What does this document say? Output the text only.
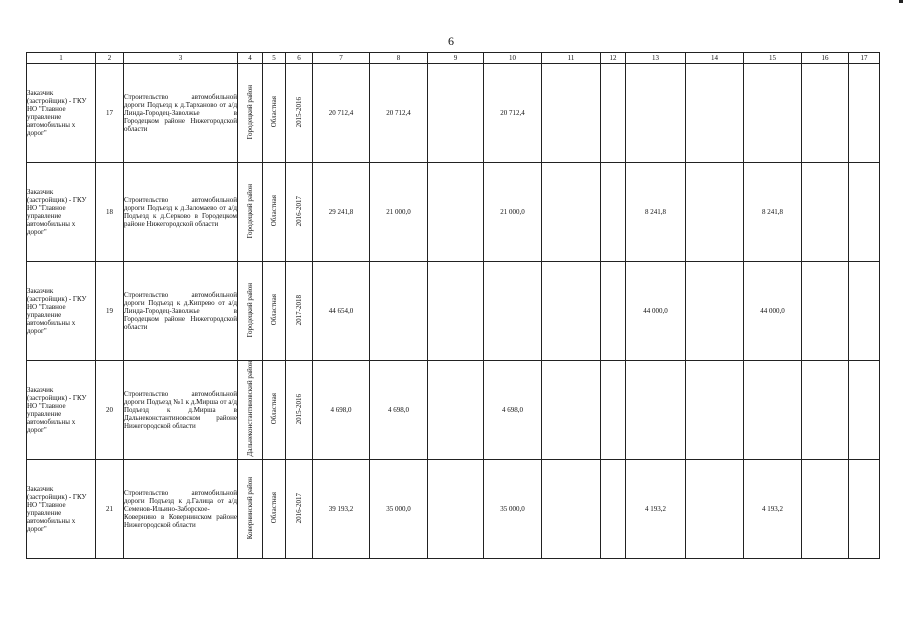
6
1	2	3	4	5	6	7	8	9	10	11	12	13	14	15	16	17
Заказчик (застройщик) - ГКУ НО "Главное управление автомобильны х дорог"	17	Строительство автомобильной дороги Подъезд к д.Тарханово от а/д Линда-Городец-Заволжье в Городецком районе Нижегородской области	Городецкий район	Областная	2015-2016	20 712,4	20 712,4		20 712,4							
Заказчик (застройщик) - ГКУ НО "Главное управление автомобильны х дорог"	18	Строительство автомобильной дороги Подъезд к д.Заломаево от а/д Подъезд к д.Серково в Городецком районе Нижегородской области	Городецкий район	Областная	2016-2017	29 241,8	21 000,0		21 000,0			8 241,8		8 241,8		
Заказчик (застройщик) - ГКУ НО "Главное управление автомобильны х дорог"	19	Строительство автомобильной дороги Подъезд к д.Кипрево от а/д Линда-Городец-Заволжье в Городецком районе Нижегородской области	Городецкий район	Областная	2017-2018	44 654,0						44 000,0		44 000,0		
Заказчик (застройщик) - ГКУ НО "Главное управление автомобильны х дорог"	20	Строительство автомобильной дороги Подъезд №1 к д.Мирша от а/д Подъезд к д.Мирша в Дальнеконстантиновском районе Нижегородской области	Дальнеконстантиновский район	Областная	2015-2016	4 698,0	4 698,0		4 698,0							
Заказчик (застройщик) - ГКУ НО "Главное управление автомобильны х дорог"	21	Строительство автомобильной дороги Подъезд к д.Галица от а/д Семенов-Ильино-Заборское-Ковернино в Ковернинском районе Нижегородской области	Ковернинский район	Областная	2016-2017	39 193,2	35 000,0		35 000,0			4 193,2		4 193,2		
